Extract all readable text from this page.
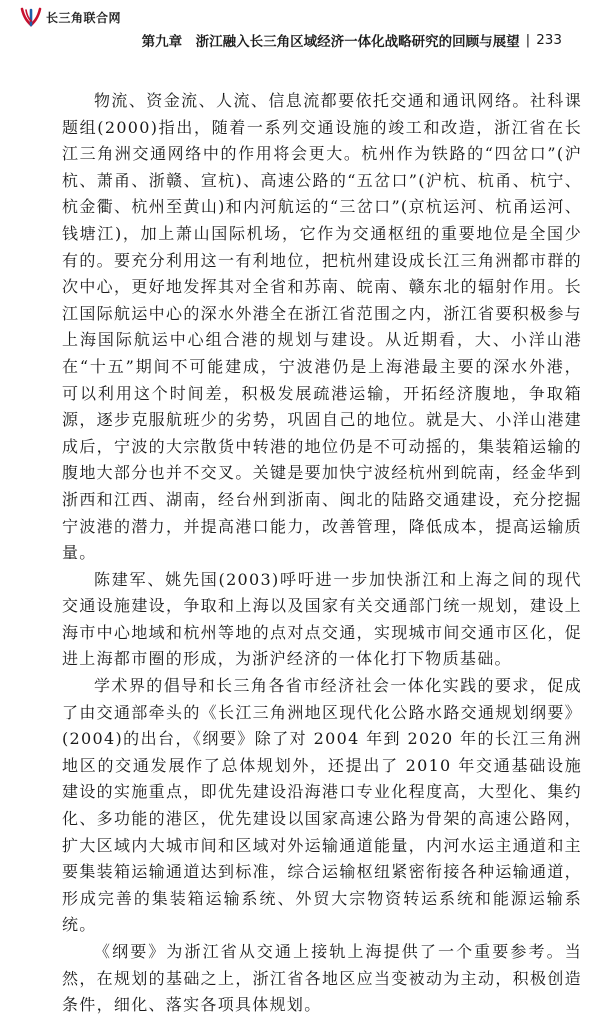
长三角联合网
第九章　浙江融入长三角区域经济一体化战略研究的回顾与展望 | 233

物流、资金流、人流、信息流都要依托交通和通讯网络。社科课题组(2000)指出，随着一系列交通设施的竣工和改造，浙江省在长江三角洲交通网络中的作用将会更大。杭州作为铁路的“四岔口”(沪杭、萧甬、浙赣、宣杭)、高速公路的“五岔口”(沪杭、杭甬、杭宁、杭金衢、杭州至黄山)和内河航运的“三岔口”(京杭运河、杭甬运河、钱塘江)，加上萧山国际机场，它作为交通枢纽的重要地位是全国少有的。要充分利用这一有利地位，把杭州建设成长江三角洲都市群的次中心，更好地发挥其对全省和苏南、皖南、赣东北的辐射作用。长江国际航运中心的深水外港全在浙江省范围之内，浙江省要积极参与上海国际航运中心组合港的规划与建设。从近期看，大、小洋山港在“十五”期间不可能建成，宁波港仍是上海港最主要的深水外港，可以利用这个时间差，积极发展疏港运输，开拓经济腹地，争取箱源，逐步克服航班少的劣势，巩固自己的地位。就是大、小洋山港建成后，宁波的大宗散货中转港的地位仍是不可动摇的，集装箱运输的腹地大部分也并不交叉。关键是要加快宁波经杭州到皖南，经金华到浙西和江西、湖南，经台州到浙南、闽北的陆路交通建设，充分挖掘宁波港的潜力，并提高港口能力，改善管理，降低成本，提高运输质量。

陈建军、姚先国(2003)呼吁进一步加快浙江和上海之间的现代交通设施建设，争取和上海以及国家有关交通部门统一规划，建设上海市中心地域和杭州等地的点对点交通，实现城市间交通市区化，促进上海都市圈的形成，为浙沪经济的一体化打下物质基础。

学术界的倡导和长三角各省市经济社会一体化实践的要求，促成了由交通部牵头的《长江三角洲地区现代化公路水路交通规划纲要》(2004)的出台，《纲要》除了对 2004 年到 2020 年的长江三角洲地区的交通发展作了总体规划外，还提出了 2010 年交通基础设施建设的实施重点，即优先建设沿海港口专业化程度高，大型化、集约化、多功能的港区，优先建设以国家高速公路为骨架的高速公路网，扩大区域内大城市间和区域对外运输通道能量，内河水运主通道和主要集装箱运输通道达到标准，综合运输枢纽紧密衔接各种运输通道，形成完善的集装箱运输系统、外贸大宗物资转运系统和能源运输系统。

《纲要》为浙江省从交通上接轨上海提供了一个重要参考。当然，在规划的基础之上，浙江省各地区应当变被动为主动，积极创造条件，细化、落实各项具体规划。
